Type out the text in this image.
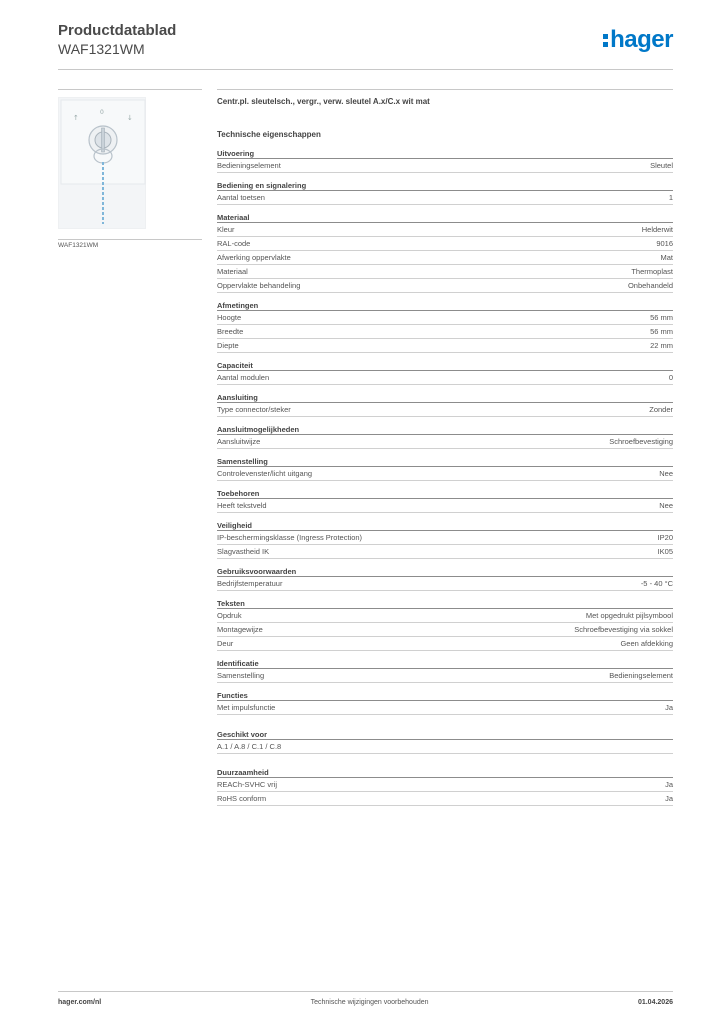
Productdatablad
WAF1321WM	hager
↑
0
↓
WAF1321WM
Centr.pl. sleutelsch., vergr., verw. sleutel A.x/C.x wit mat
Technische eigenschappen
Uitvoering
Bedieningselement	Sleutel
Bediening en signalering
Aantal toetsen	1
Materiaal
Kleur	Helderwit
RAL-code	9016
Afwerking oppervlakte	Mat
Materiaal	Thermoplast
Oppervlakte behandeling	Onbehandeld
Afmetingen
Hoogte	56 mm
Breedte	56 mm
Diepte	22 mm
Capaciteit
Aantal modulen	0
Aansluiting
Type connector/steker	Zonder
Aansluitmogelijkheden
Aansluitwijze	Schroefbevestiging
Samenstelling
Controlevenster/licht uitgang	Nee
Toebehoren
Heeft tekstveld	Nee
Veiligheid
IP-beschermingsklasse (Ingress Protection)	IP20
Slagvastheid IK	IK05
Gebruiksvoorwaarden
Bedrijfstemperatuur	-5 - 40 °C
Teksten
Opdruk	Met opgedrukt pijlsymbool
Montagewijze	Schroefbevestiging via sokkel
Deur	Geen afdekking
Identificatie
Samenstelling	Bedieningselement
Functies
Met impulsfunctie	Ja
Geschikt voor
A.1 / A.8 / C.1 / C.8
Duurzaamheid
REACh-SVHC vrij	Ja
RoHS conform	Ja
hager.com/nl	Technische wijzigingen voorbehouden	01.04.2026
